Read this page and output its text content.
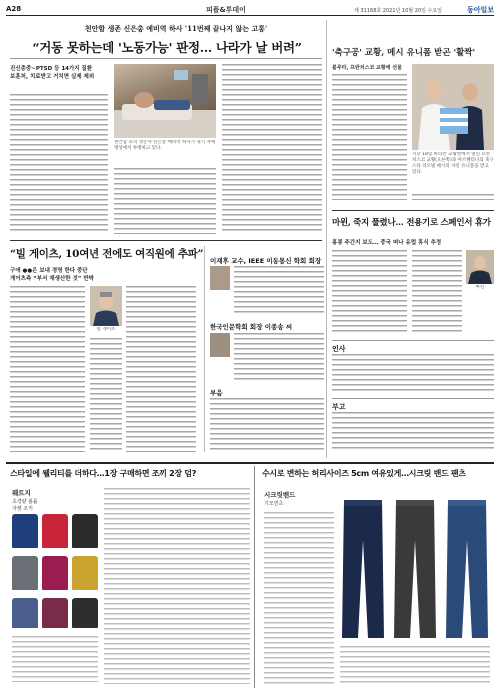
A28	피플&투데이	제 31168호 2021년 10월 20일 수요일	동아일보
천안함 생존 신은총 예비역 하사 '11번째 끝나지 않는 고통'
“거동 못하는데 '노동가능' 판정… 나라가 날 버려”
진신총중~PTSD 등 14가지 질환
보훈처, 치료받고 거치면 실제 제외
천안함 피격 생존자 신은총 예비역 하사가 경기 자택 병상에서 투병하고 있다.
“빌 게이츠, 10여년 전에도 여직원에 추파”
구에 ●●은 보내 경영 한다 중단
게이츠측 “부서 재생산한 것” 반박
빌 게이츠
이재후 교수, IEEE 이동통신 학회 회장
한국인문학회 회장 이종송 씨
부음
'축구공' 교황, 메시 유니폼 받곤 '활짝'
블루라, 프란치스코 교황에 선물
지난 18일 바티칸 교황청에서 열린 프란치스코 교황(오른쪽)과 아르헨티나의 축구 스타 리오넬 메시의 사인 유니폼을 받고 있다.
마윈, 죽지 풀렸나… 전용기로 스페인서 휴가
홍콩 주간지 보도… 중국 떠나 유럽 휴식 추정
마윈
인사
부고
스타일에 웰리티를 더하다…1장 구매하면 조끼 2장 덤?
웨트지
초경량 볼륨
자켓 조끼
수시로 변하는 허리사이즈 5cm 여유있게…시크릿 밴드 팬츠
시크릿밴드
기모면츠
